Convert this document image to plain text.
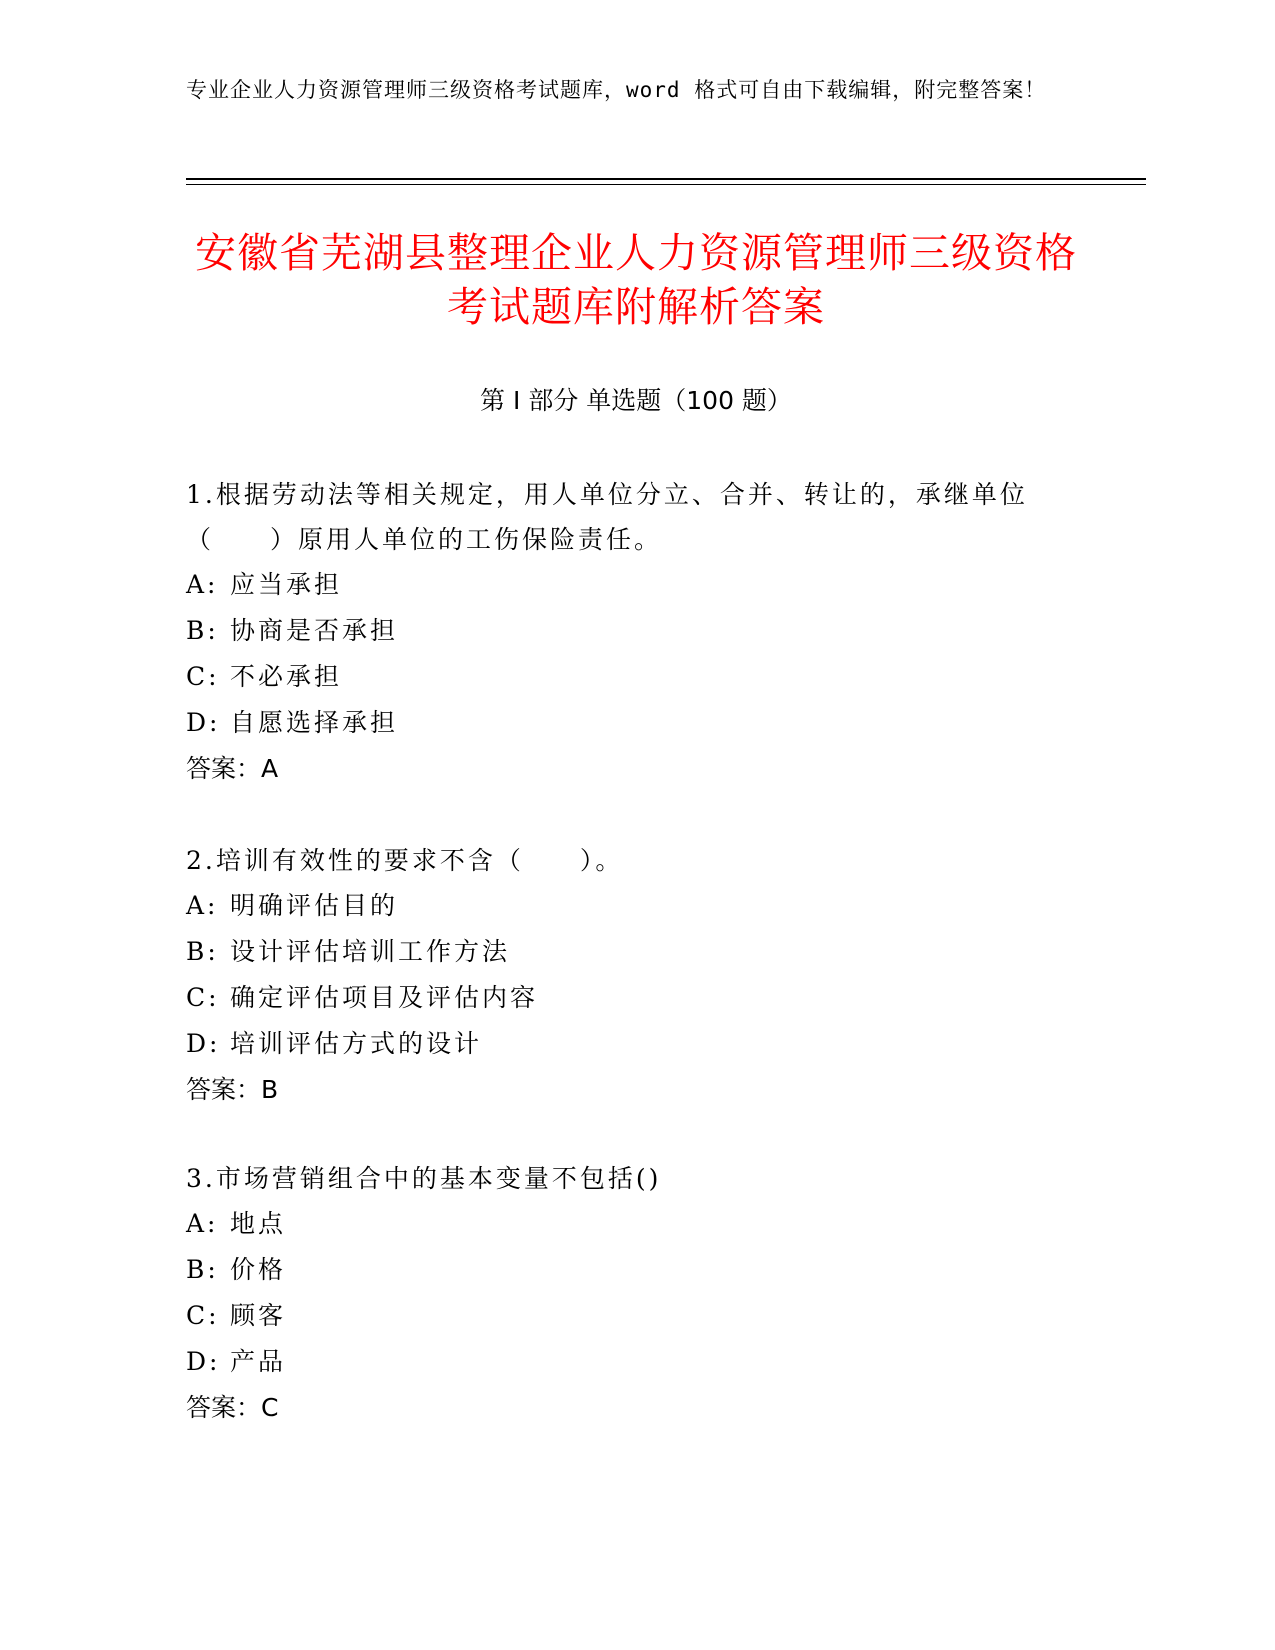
专业企业人力资源管理师三级资格考试题库，word 格式可自由下载编辑，附完整答案！
安徽省芜湖县整理企业人力资源管理师三级资格考试题库附解析答案
第 I 部分 单选题（100 题）

1.根据劳动法等相关规定，用人单位分立、合并、转让的，承继单位（　　）原用人单位的工伤保险责任。

A: 应当承担

B: 协商是否承担

C: 不必承担

D: 自愿选择承担

答案：A

2.培训有效性的要求不含（　　）。

A: 明确评估目的

B: 设计评估培训工作方法

C: 确定评估项目及评估内容

D: 培训评估方式的设计

答案：B

3.市场营销组合中的基本变量不包括()

A: 地点

B: 价格

C: 顾客

D: 产品

答案：C
